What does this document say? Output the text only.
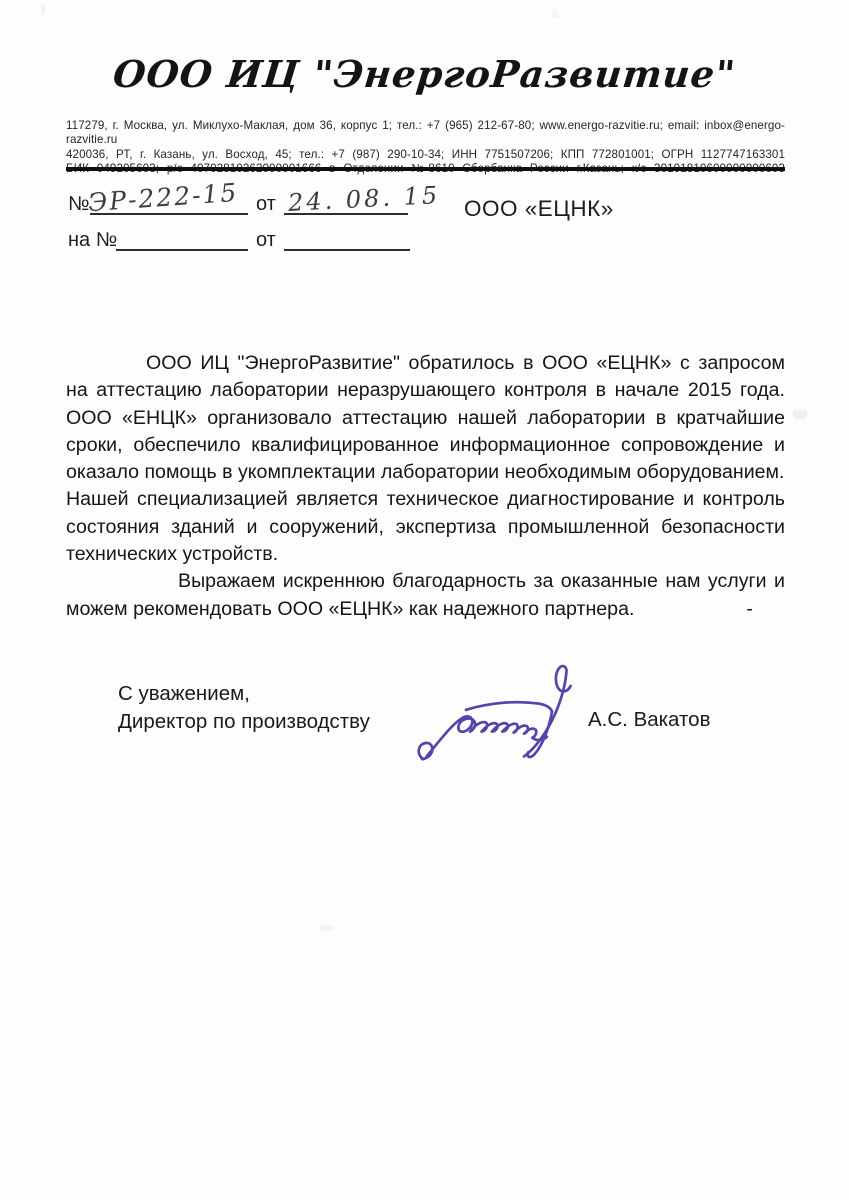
ООО ИЦ "ЭнергоРазвитие"
117279, г. Москва, ул. Миклухо-Маклая, дом 36, корпус 1; тел.: +7 (965) 212-67-80; www.energo-razvitie.ru; email: inbox@energo-razvitie.ru
420036, РТ, г. Казань, ул. Восход, 45; тел.: +7 (987) 290-10-34; ИНН 7751507206; КПП 772801001; ОГРН 1127747163301
№
ЭР-222-15 от 24. 08. 15 ООО «ЕЦНК»
на №	от

ООО ИЦ "ЭнергоРазвитие" обратилось в ООО «ЕЦНК» с запросом на аттестацию лаборатории неразрушающего контроля в начале 2015 года. ООО «ЕНЦК» организовало аттестацию нашей лаборатории в кратчайшие сроки, обеспечило квалифицированное информационное сопровождение и оказало помощь в укомплектации лаборатории необходимым оборудованием.

Нашей специализацией является техническое диагностирование и контроль состояния зданий и сооружений, экспертиза промышленной безопасности технических устройств.

Выражаем искреннюю благодарность за оказанные нам услуги и можем рекомендовать ООО «ЕЦНК» как надежного партнера.	-

С уважением,
Директор по производству	А.С. Вакатов
